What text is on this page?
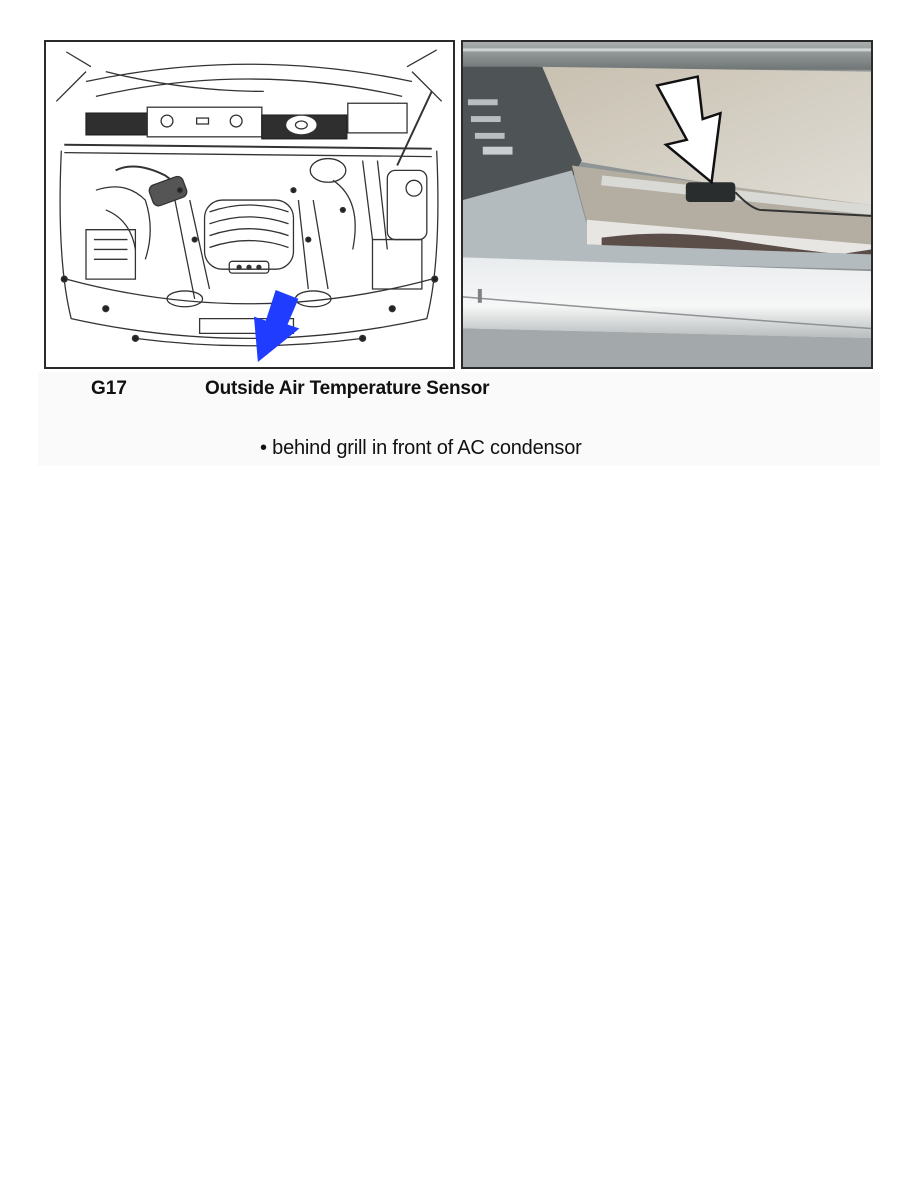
G17	Outside Air Temperature Sensor
• behind grill in front of AC condensor
